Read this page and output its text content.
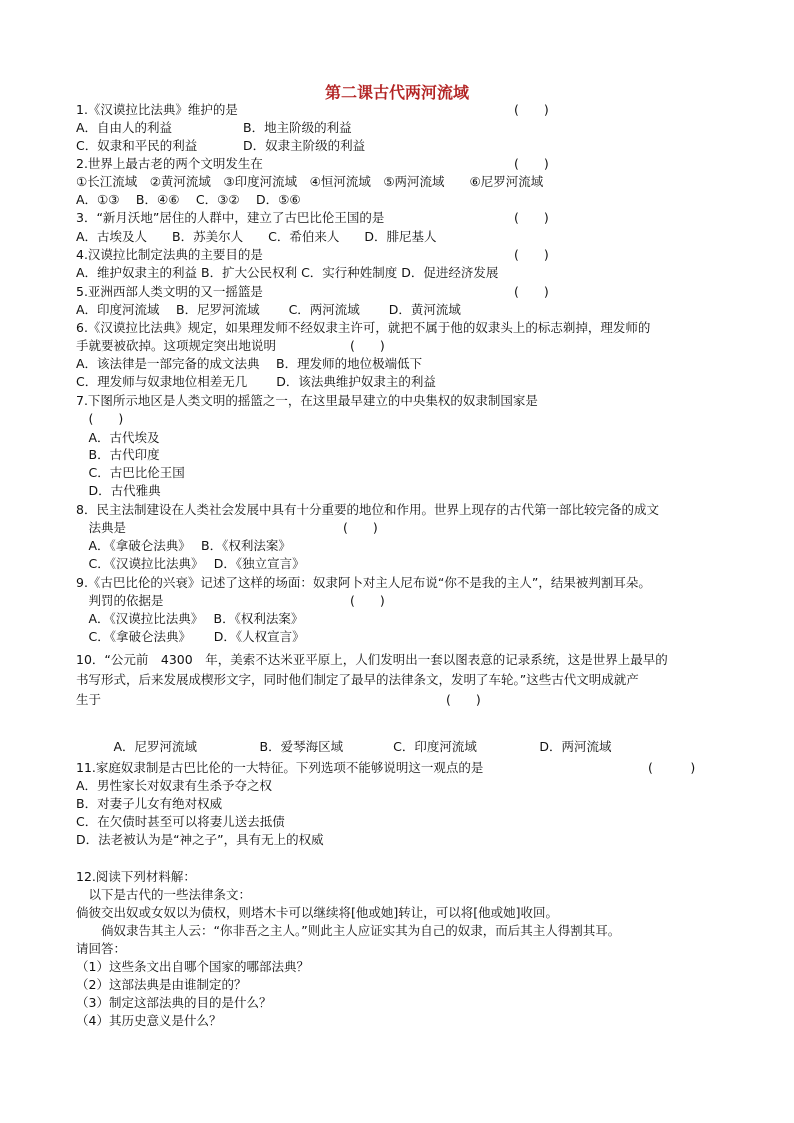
第二课古代两河流域
1.《汉谟拉比法典》维护的是	(　　)
A．自由人的利益	B．地主阶级的利益
C．奴隶和平民的利益	D．奴隶主阶级的利益
2.世界上最古老的两个文明发生在	(　　)
①长江流域　②黄河流域　③印度河流域　④恒河流域　⑤两河流域　　⑥尼罗河流域
A．①③　 B．④⑥　 C．③②　 D．⑤⑥
3．“新月沃地”居住的人群中，建立了古巴比伦王国的是	(　　)
A．古埃及人　　B．苏美尔人　　C．希伯来人　　D．腓尼基人
4.汉谟拉比制定法典的主要目的是	(　　)
A．维护奴隶主的利益 B．扩大公民权利 C．实行种姓制度 D．促进经济发展
5.亚洲西部人类文明的又一摇篮是	(　　)
A．印度河流域　 B．尼罗河流域　　 C．两河流域　　 D．黄河流域
6.《汉谟拉比法典》规定，如果理发师不经奴隶主许可，就把不属于他的奴隶头上的标志剃掉，理发师的
手就要被砍掉。这项规定突出地说明	(　　)
A．该法律是一部完备的成文法典　 B．理发师的地位极端低下
C．理发师与奴隶地位相差无几　　 D．该法典维护奴隶主的利益
7.下图所示地区是人类文明的摇篮之一，在这里最早建立的中央集权的奴隶制国家是
　(　　)
　A．古代埃及
　B．古代印度
　C．古巴比伦王国
　D．古代雅典
8．民主法制建设在人类社会发展中具有十分重要的地位和作用。世界上现存的古代第一部比较完备的成文
　法典是	(　　)
　A．《拿破仑法典》　 B．《权利法案》
　C．《汉谟拉比法典》　 D．《独立宣言》
9.《古巴比伦的兴衰》记述了这样的场面：奴隶阿卜对主人尼布说“你不是我的主人”，结果被判割耳朵。
　判罚的依据是	(　　)
　A．《汉谟拉比法典》　 B．《权利法案》
　C．《拿破仑法典》　　 D．《人权宣言》
10．“公元前　4300　年，美索不达米亚平原上，人们发明出一套以图表意的记录系统，这是世界上最早的
书写形式，后来发展成楔形文字，同时他们制定了最早的法律条文，发明了车轮。”这些古代文明成就产
生于	(　　)
　　　A．尼罗河流域　　　　　B．爱琴海区域　　　　C．印度河流域　　　　　D．两河流域
11.家庭奴隶制是古巴比伦的一大特征。下列选项不能够说明这一观点的是	(　　　)
A．男性家长对奴隶有生杀予夺之权
B．对妻子儿女有绝对权威
C．在欠债时甚至可以将妻儿送去抵债
D．法老被认为是“神之子”，具有无上的权威
12.阅读下列材料解：
　以下是古代的一些法律条文：
倘彼交出奴或女奴以为债权，则塔木卡可以继续将[他或她]转让，可以将[他或她]收回。
　　倘奴隶告其主人云：“你非吾之主人。”则此主人应证实其为自己的奴隶，而后其主人得割其耳。
请回答：
（1）这些条文出自哪个国家的哪部法典？
（2）这部法典是由谁制定的？
（3）制定这部法典的目的是什么？
（4）其历史意义是什么？
